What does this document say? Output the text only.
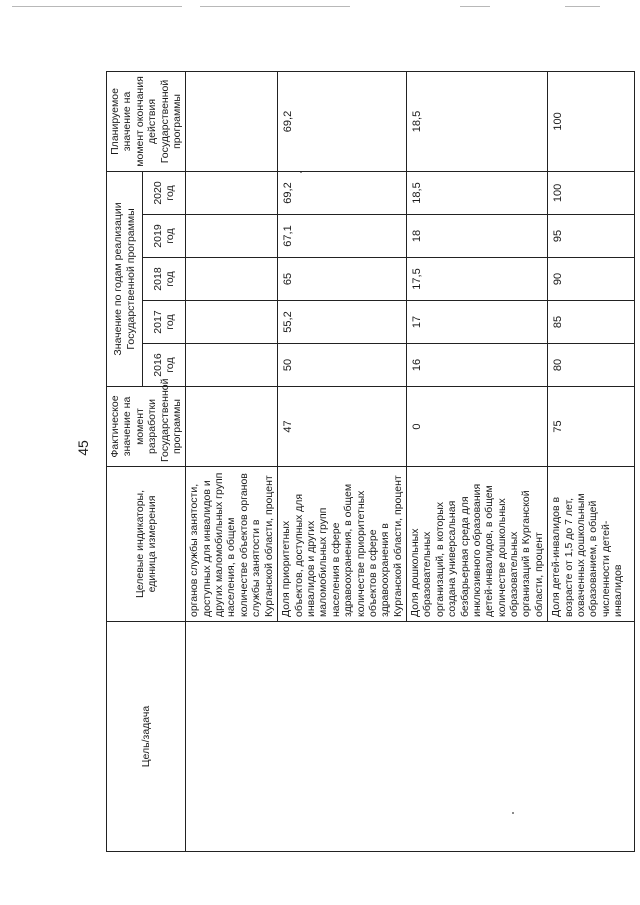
45
Цель/задача	Целевые индикаторы, единица измерения	Фактическое значение на момент разработки Государственной программы	Значение по годам реализации Государственной программы					Планируемое значение на момент окончания действия Государственной программы
			2016 год	2017 год	2018 год	2019 год	2020 год	
	органов службы занятости, доступных для инвалидов и других маломобильных групп населения, в общем количестве объектов органов службы занятости в Курганской области, процент							
	Доля приоритетных объектов, доступных для инвалидов и других маломобильных групп населения в сфере здравоохранения, в общем количестве приоритетных объектов в сфере здравоохранения в Курганской области, процент	47	50	55,2	65	67,1	69,2	69,2
	Доля дошкольных образовательных организаций, в которых создана универсальная безбарьерная среда для инклюзивного образования детей-инвалидов, в общем количестве дошкольных образовательных организаций в Курганской области, процент	0	16	17	17,5	18	18,5	18,5
	Доля детей-инвалидов в возрасте от 1,5 до 7 лет, охваченных дошкольным образованием, в общей численности детей-инвалидов	75	80	85	90	95	100	100
